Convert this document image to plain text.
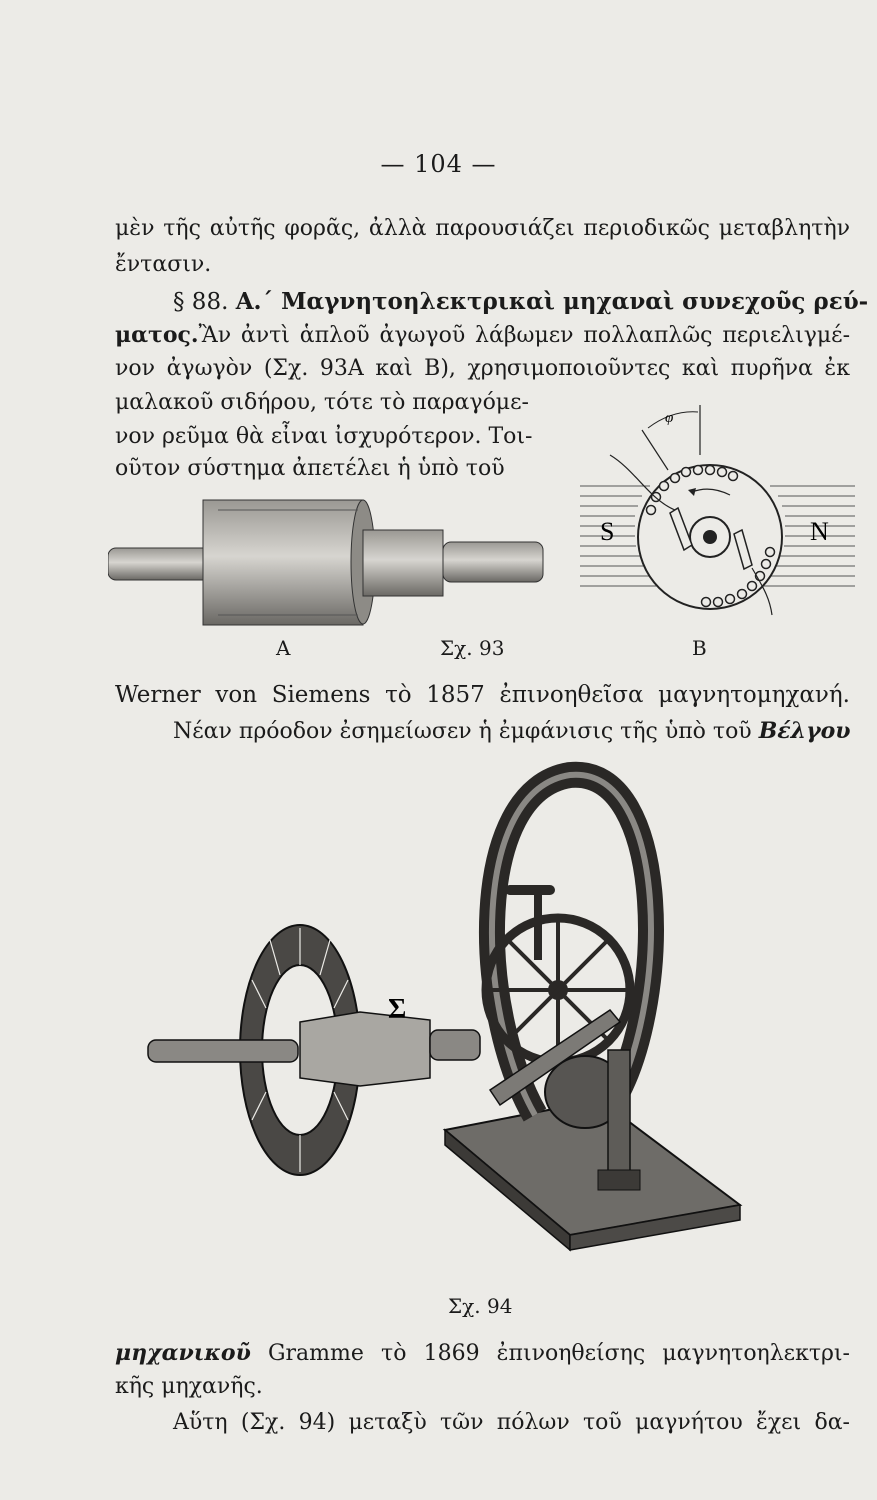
— 104 —
μὲν τῆς αὐτῆς φορᾶς, ἀλλὰ παρουσιάζει περιοδικῶς μεταβλητὴν
ἔντασιν.
§ 88. Α.΄ Μαγνητοηλεκτρικαὶ μηχαναὶ συνεχοῦς ρεύ-
ματος.Ἂν ἀντὶ ἁπλοῦ ἀγωγοῦ λάβωμεν πολλαπλῶς περιελιγμέ-
νον ἀγωγὸν (Σχ. 93Α καὶ Β), χρησιμοποιοῦντες καὶ πυρῆνα ἐκ
μαλακοῦ σιδήρου, τότε τὸ παραγόμε-
νον ρεῦμα θὰ εἶναι ἰσχυρότερον. Τοι-
οῦτον σύστημα ἀπετέλει ἡ ὑπὸ τοῦ
S	N
φ
A	Σχ. 93	B
Werner von Siemens τὸ 1857 ἐπινοηθεῖσα μαγνητομηχανή.
Νέαν πρόοδον ἐσημείωσεν ἡ ἐμφάνισις τῆς ὑπὸ τοῦ Βέλγου
Σ
Σχ. 94
μηχανικοῦ Gramme τὸ 1869 ἐπινοηθείσης μαγνητοηλεκτρι-
κῆς μηχανῆς.
Αὕτη (Σχ. 94) μεταξὺ τῶν πόλων τοῦ μαγνήτου ἔχει δα-
